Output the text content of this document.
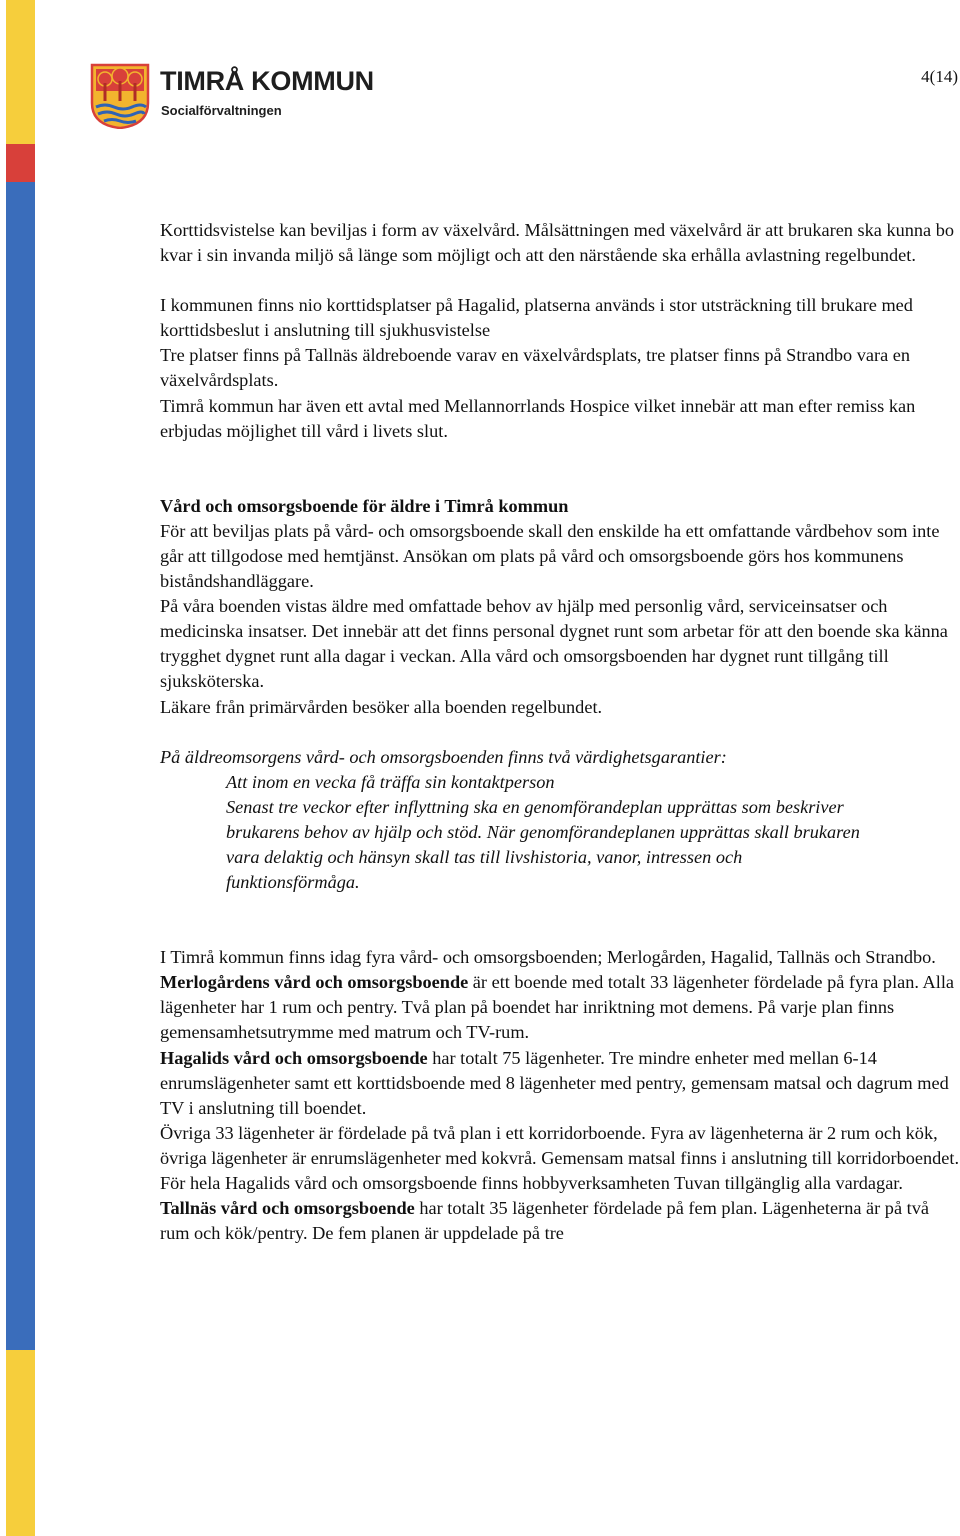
TIMRÅ KOMMUN
Socialförvaltningen
4(14)

Korttidsvistelse kan beviljas i form av växelvård. Målsättningen med växelvård är att brukaren ska kunna bo kvar i sin invanda miljö så länge som möjligt och att den närstående ska erhålla avlastning regelbundet.

I kommunen finns nio korttidsplatser på Hagalid, platserna används i stor utsträckning till brukare med korttidsbeslut i anslutning till sjukhusvistelse

Tre platser finns på Tallnäs äldreboende varav en växelvårdsplats, tre platser finns på Strandbo vara en växelvårdsplats.

Timrå kommun har även ett avtal med Mellannorrlands Hospice vilket innebär att man efter remiss kan erbjudas möjlighet till vård i livets slut.

Vård och omsorgsboende för äldre i Timrå kommun

För att beviljas plats på vård- och omsorgsboende skall den enskilde ha ett omfattande vårdbehov som inte går att tillgodose med hemtjänst. Ansökan om plats på vård och omsorgsboende görs hos kommunens biståndshandläggare.

På våra boenden vistas äldre med omfattade behov av hjälp med personlig vård, serviceinsatser och medicinska insatser. Det innebär att det finns personal dygnet runt som arbetar för att den boende ska känna trygghet dygnet runt alla dagar i veckan. Alla vård och omsorgsboenden har dygnet runt tillgång till sjuksköterska.

Läkare från primärvården besöker alla boenden regelbundet.

På äldreomsorgens vård- och omsorgsboenden finns två värdighetsgarantier:

Att inom en vecka få träffa sin kontaktperson

Senast tre veckor efter inflyttning ska en genomförandeplan upprättas som beskriver brukarens behov av hjälp och stöd. När genomförandeplanen upprättas skall brukaren vara delaktig och hänsyn skall tas till livshistoria, vanor, intressen och funktionsförmåga.

I Timrå kommun finns idag fyra vård- och omsorgsboenden; Merlogården, Hagalid, Tallnäs och Strandbo.

Merlogårdens vård och omsorgsboende är ett boende med totalt 33 lägenheter fördelade på fyra plan. Alla lägenheter har 1 rum och pentry. Två plan på boendet har inriktning mot demens. På varje plan finns gemensamhetsutrymme med matrum och TV-rum.

Hagalids vård och omsorgsboende har totalt 75 lägenheter. Tre mindre enheter med mellan 6-14 enrumslägenheter samt ett korttidsboende med 8 lägenheter med pentry, gemensam matsal och dagrum med TV i anslutning till boendet.

Övriga 33 lägenheter är fördelade på två plan i ett korridorboende. Fyra av lägenheterna är 2 rum och kök, övriga lägenheter är enrumslägenheter med kokvrå. Gemensam matsal finns i anslutning till korridorboendet.

För hela Hagalids vård och omsorgsboende finns hobbyverksamheten Tuvan tillgänglig alla vardagar.

Tallnäs vård och omsorgsboende har totalt 35 lägenheter fördelade på fem plan. Lägenheterna är på två rum och kök/pentry. De fem planen är uppdelade på tre
